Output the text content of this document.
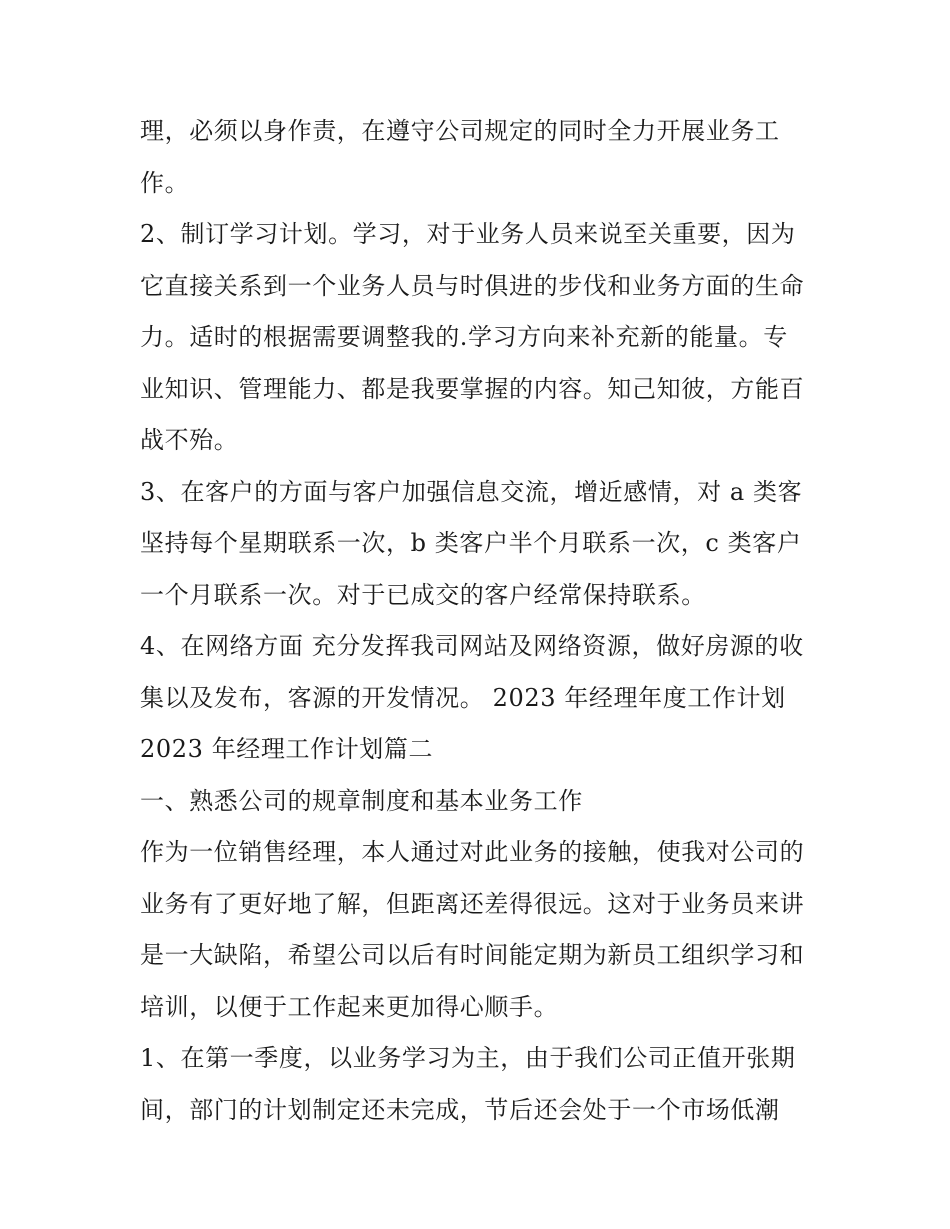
理，必须以身作责，在遵守公司规定的同时全力开展业务工
作。
2、制订学习计划。学习，对于业务人员来说至关重要，因为
它直接关系到一个业务人员与时俱进的步伐和业务方面的生命
力。适时的根据需要调整我的.学习方向来补充新的能量。专
业知识、管理能力、都是我要掌握的内容。知己知彼，方能百
战不殆。
3、在客户的方面与客户加强信息交流，增近感情，对 a 类客
坚持每个星期联系一次，b 类客户半个月联系一次，c 类客户
一个月联系一次。对于已成交的客户经常保持联系。
4、在网络方面 充分发挥我司网站及网络资源，做好房源的收
集以及发布，客源的开发情况。 2023 年经理年度工作计划
2023 年经理工作计划篇二
一、熟悉公司的规章制度和基本业务工作
作为一位销售经理，本人通过对此业务的接触，使我对公司的
业务有了更好地了解，但距离还差得很远。这对于业务员来讲
是一大缺陷，希望公司以后有时间能定期为新员工组织学习和
培训，以便于工作起来更加得心顺手。
1、在第一季度，以业务学习为主，由于我们公司正值开张期
间，部门的计划制定还未完成，节后还会处于一个市场低潮
